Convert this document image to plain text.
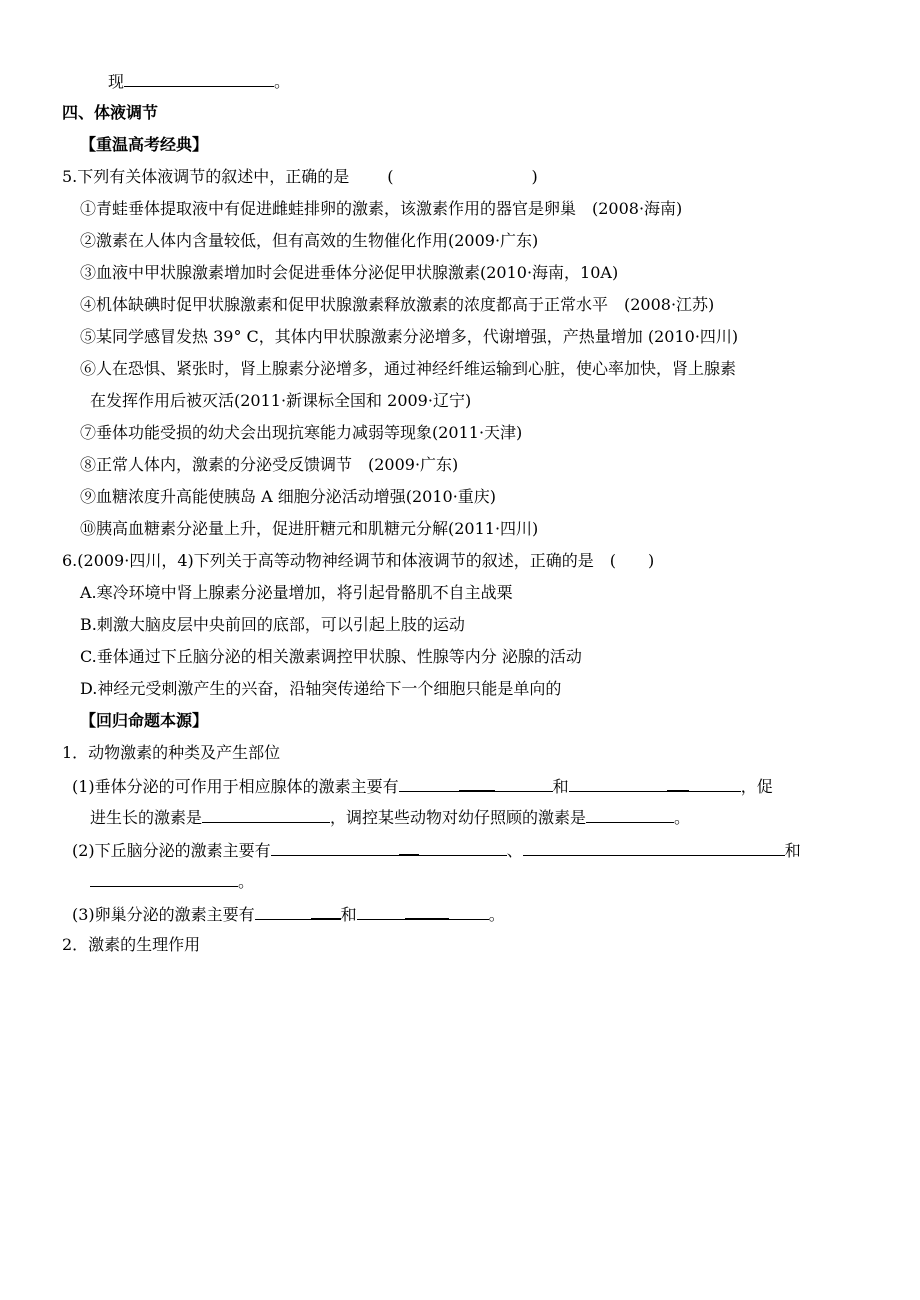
现	。
四、体液调节
【重温高考经典】
5.下列有关体液调节的叙述中，正确的是 (	)
①青蛙垂体提取液中有促进雌蛙排卵的激素，该激素作用的器官是卵巢　(2008·海南)
②激素在人体内含量较低，但有高效的生物催化作用(2009·广东)
③血液中甲状腺激素增加时会促进垂体分泌促甲状腺激素(2010·海南，10A)
④机体缺碘时促甲状腺激素和促甲状腺激素释放激素的浓度都高于正常水平　(2008·江苏)
⑤某同学感冒发热 39° C，其体内甲状腺激素分泌增多，代谢增强，产热量增加 (2010·四川)
⑥人在恐惧、紧张时，肾上腺素分泌增多，通过神经纤维运输到心脏，使心率加快，肾上腺素
在发挥作用后被灭活(2011·新课标全国和 2009·辽宁)
⑦垂体功能受损的幼犬会出现抗寒能力减弱等现象(2011·天津)
⑧正常人体内，激素的分泌受反馈调节　(2009·广东)
⑨血糖浓度升高能使胰岛 A 细胞分泌活动增强(2010·重庆)
⑩胰高血糖素分泌量上升，促进肝糖元和肌糖元分解(2011·四川)
6.(2009·四川，4)下列关于高等动物神经调节和体液调节的叙述，正确的是　(　　)
A.寒冷环境中肾上腺素分泌量增加，将引起骨骼肌不自主战栗
B.刺激大脑皮层中央前回的底部，可以引起上肢的运动
C.垂体通过下丘脑分泌的相关激素调控甲状腺、性腺等内分 泌腺的活动
D.神经元受刺激产生的兴奋，沿轴突传递给下一个细胞只能是单向的
【回归命题本源】
1．动物激素的种类及产生部位
(1)垂体分泌的可作用于相应腺体的激素主要有	和	，促
进生长的激素是	，调控某些动物对幼仔照顾的激素是	。
(2)下丘脑分泌的激素主要有	、	和
。
(3)卵巢分泌的激素主要有	和	。
2．激素的生理作用
